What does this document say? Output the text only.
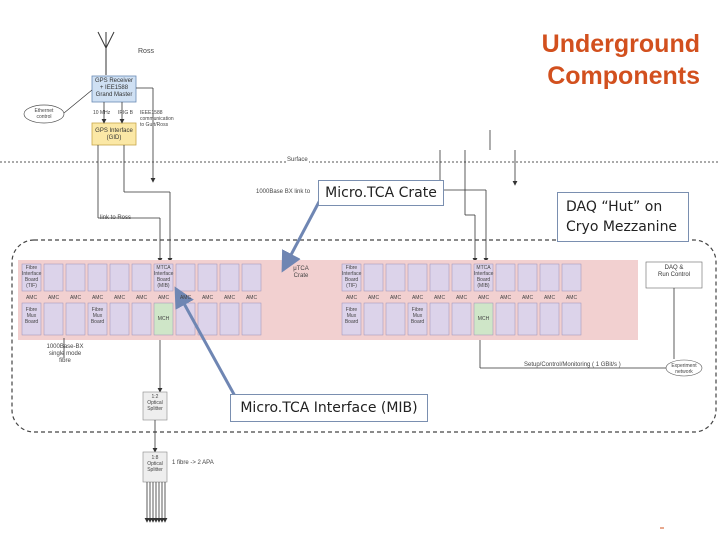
Underground
Components
Micro.TCA Crate
DAQ “Hut” on
Cryo Mezzanine
Micro.TCA Interface (MIB)
Ross
GPS Receiver
+ IEE1588
Grand Master
Ethernet
control
10 MHz IRIG B IEEE1588
communication
to Gurt/Ross
GPS Interface
(GID)
Surface
1000Base BX link to
link to Ross
μTCA
Crate
DAQ &
Run Control
1000Base-BX
single mode
fibre
1:2
Optical
Splitter
Setup/Control/Monitoring ( 1 GBit/s )	Experiment
network
1:8
Optical
Splitter
1 fibre -> 2 APA
Fibre
Interface
Board
(TIF)
AMC
Fibre
Mux
Board
AMC	AMC	AMC
Fibre
Mux
Board
AMC	AMC	AMC
MTCA
Interface
Board
(MIB)
MCH
AMC	AMC	AMC	AMC
Fibre
Interface
Board
(TIF)
AMC
Fibre
Mux
Board
AMC	AMC	AMC
Fibre
Mux
Board
AMC	AMC	AMC
MTCA
Interface
Board
(MIB)
MCH
AMC	AMC	AMC	AMC
